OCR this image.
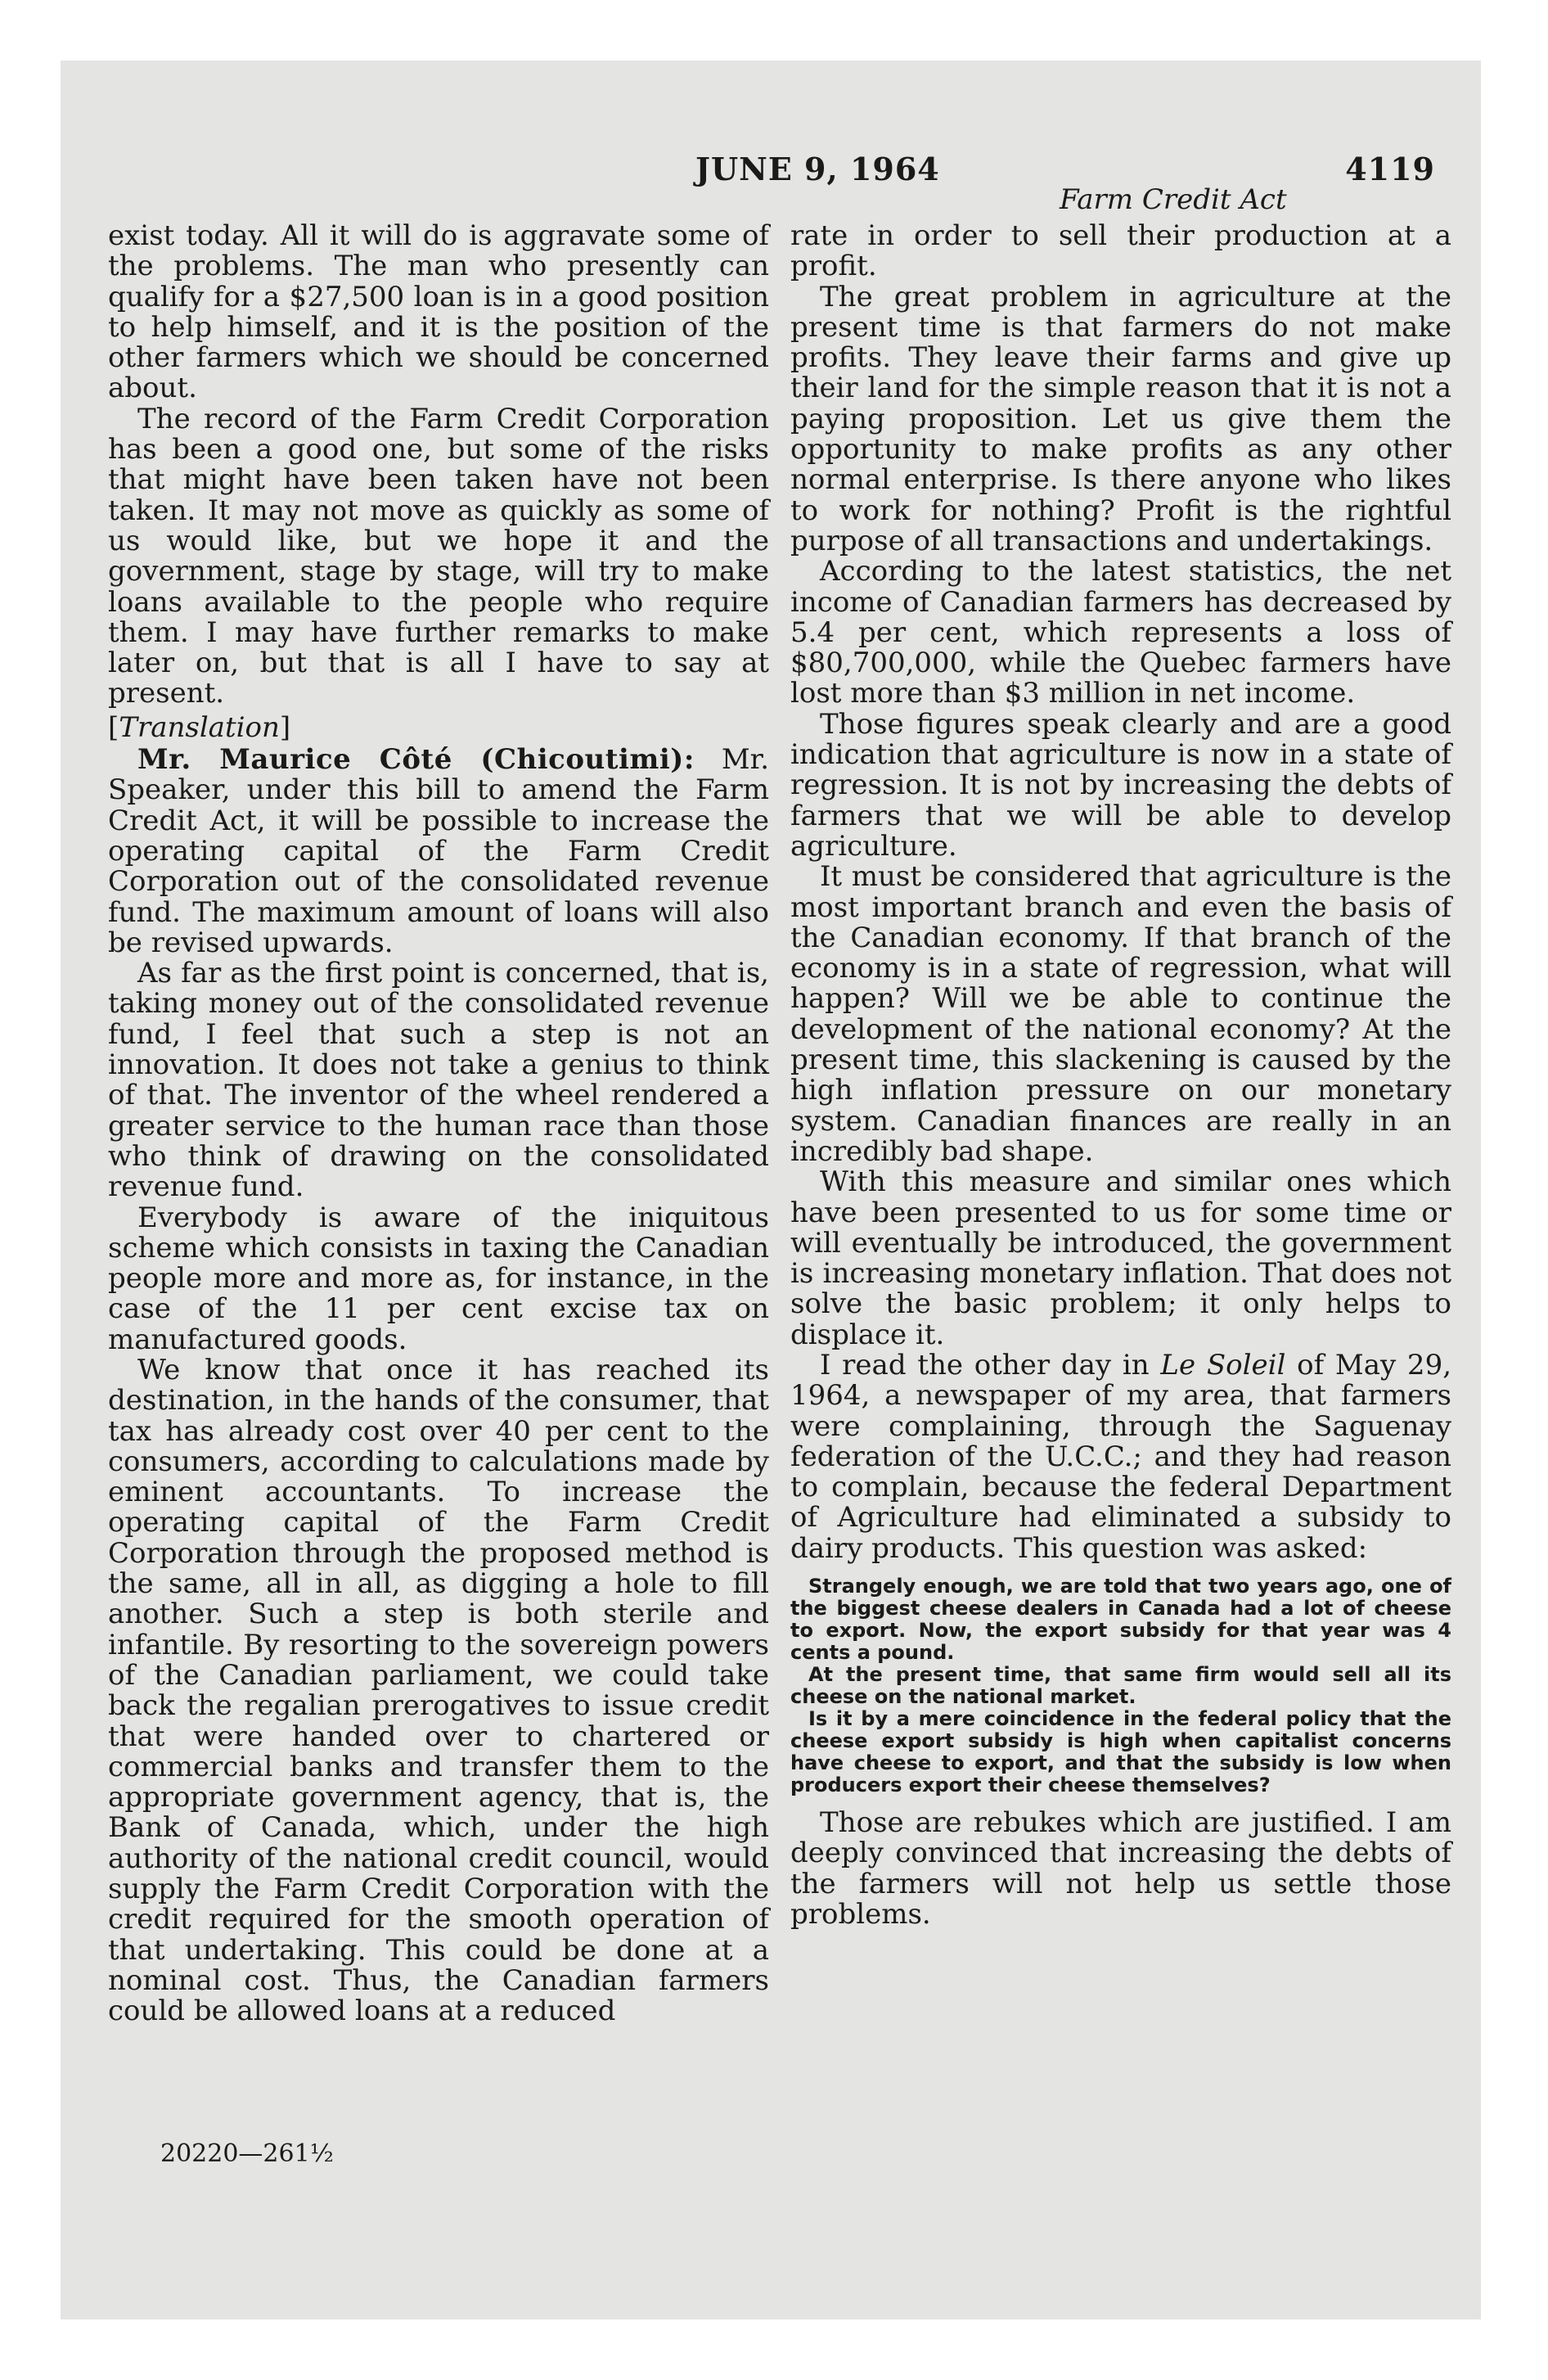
JUNE 9, 1964	4119
Farm Credit Act

exist today. All it will do is aggravate some of the problems. The man who presently can qualify for a $27,500 loan is in a good position to help himself, and it is the position of the other farmers which we should be concerned about.

The record of the Farm Credit Corporation has been a good one, but some of the risks that might have been taken have not been taken. It may not move as quickly as some of us would like, but we hope it and the government, stage by stage, will try to make loans available to the people who require them. I may have further remarks to make later on, but that is all I have to say at present.

[Translation]

Mr. Maurice Côté (Chicoutimi): Mr. Speaker, under this bill to amend the Farm Credit Act, it will be possible to increase the operating capital of the Farm Credit Corporation out of the consolidated revenue fund. The maximum amount of loans will also be revised upwards.

As far as the first point is concerned, that is, taking money out of the consolidated revenue fund, I feel that such a step is not an innovation. It does not take a genius to think of that. The inventor of the wheel rendered a greater service to the human race than those who think of drawing on the consolidated revenue fund.

Everybody is aware of the iniquitous scheme which consists in taxing the Canadian people more and more as, for instance, in the case of the 11 per cent excise tax on manufactured goods.

We know that once it has reached its destination, in the hands of the consumer, that tax has already cost over 40 per cent to the consumers, according to calculations made by eminent accountants. To increase the operating capital of the Farm Credit Corporation through the proposed method is the same, all in all, as digging a hole to fill another. Such a step is both sterile and infantile. By resorting to the sovereign powers of the Canadian parliament, we could take back the regalian prerogatives to issue credit that were handed over to chartered or commercial banks and transfer them to the appropriate government agency, that is, the Bank of Canada, which, under the high authority of the national credit council, would supply the Farm Credit Corporation with the credit required for the smooth operation of that undertaking. This could be done at a nominal cost. Thus, the Canadian farmers could be allowed loans at a reduced

rate in order to sell their production at a profit.

The great problem in agriculture at the present time is that farmers do not make profits. They leave their farms and give up their land for the simple reason that it is not a paying proposition. Let us give them the opportunity to make profits as any other normal enterprise. Is there anyone who likes to work for nothing? Profit is the rightful purpose of all transactions and undertakings.

According to the latest statistics, the net income of Canadian farmers has decreased by 5.4 per cent, which represents a loss of $80,700,000, while the Quebec farmers have lost more than $3 million in net income.

Those figures speak clearly and are a good indication that agriculture is now in a state of regression. It is not by increasing the debts of farmers that we will be able to develop agriculture.

It must be considered that agriculture is the most important branch and even the basis of the Canadian economy. If that branch of the economy is in a state of regression, what will happen? Will we be able to continue the development of the national economy? At the present time, this slackening is caused by the high inflation pressure on our monetary system. Canadian finances are really in an incredibly bad shape.

With this measure and similar ones which have been presented to us for some time or will eventually be introduced, the government is increasing monetary inflation. That does not solve the basic problem; it only helps to displace it.

I read the other day in Le Soleil of May 29, 1964, a newspaper of my area, that farmers were complaining, through the Saguenay federation of the U.C.C.; and they had reason to complain, because the federal Department of Agriculture had eliminated a subsidy to dairy products. This question was asked:

Strangely enough, we are told that two years ago, one of the biggest cheese dealers in Canada had a lot of cheese to export. Now, the export subsidy for that year was 4 cents a pound.

At the present time, that same firm would sell all its cheese on the national market.

Is it by a mere coincidence in the federal policy that the cheese export subsidy is high when capitalist concerns have cheese to export, and that the subsidy is low when producers export their cheese themselves?

Those are rebukes which are justified. I am deeply convinced that increasing the debts of the farmers will not help us settle those problems.

20220—261½
